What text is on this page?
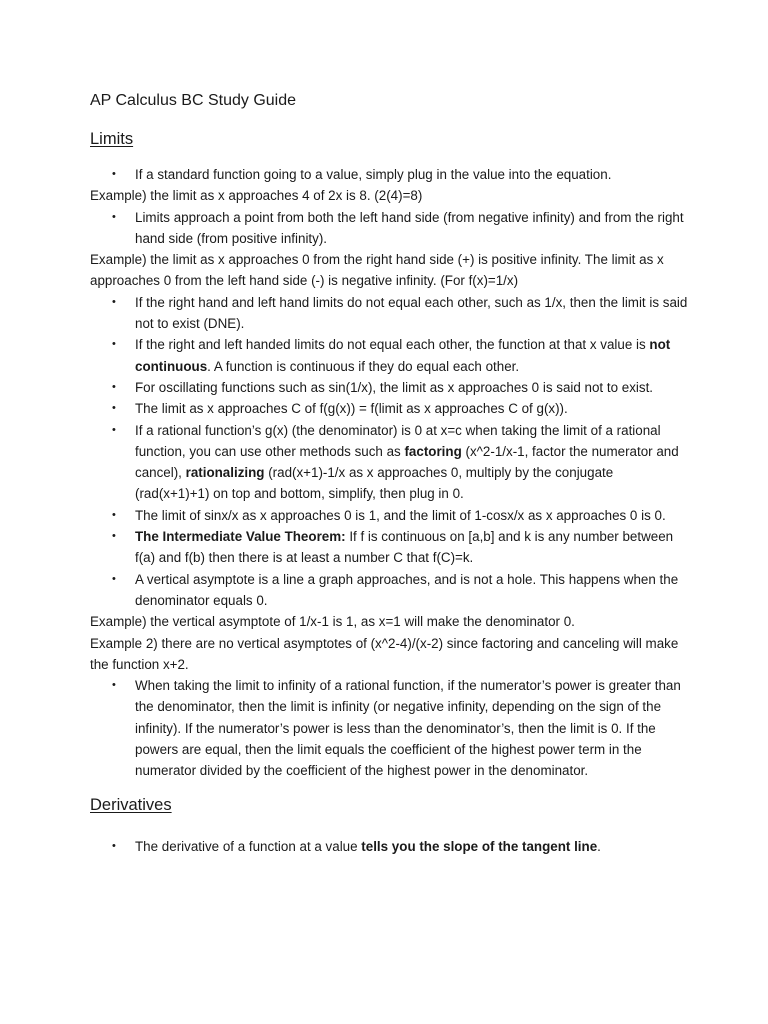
AP Calculus BC Study Guide
Limits
• If a standard function going to a value, simply plug in the value into the equation.
Example) the limit as x approaches 4 of 2x is 8. (2(4)=8)
• Limits approach a point from both the left hand side (from negative infinity) and from the right hand side (from positive infinity).
Example) the limit as x approaches 0 from the right hand side (+) is positive infinity. The limit as x approaches 0 from the left hand side (-) is negative infinity. (For f(x)=1/x)
• If the right hand and left hand limits do not equal each other, such as 1/x, then the limit is said not to exist (DNE).
• If the right and left handed limits do not equal each other, the function at that x value is not continuous. A function is continuous if they do equal each other.
• For oscillating functions such as sin(1/x), the limit as x approaches 0 is said not to exist.
• The limit as x approaches C of f(g(x)) = f(limit as x approaches C of g(x)).
• If a rational function’s g(x) (the denominator) is 0 at x=c when taking the limit of a rational function, you can use other methods such as factoring (x^2-1/x-1, factor the numerator and cancel), rationalizing (rad(x+1)-1/x as x approaches 0, multiply by the conjugate (rad(x+1)+1) on top and bottom, simplify, then plug in 0.
• The limit of sinx/x as x approaches 0 is 1, and the limit of 1-cosx/x as x approaches 0 is 0.
• The Intermediate Value Theorem: If f is continuous on [a,b] and k is any number between f(a) and f(b) then there is at least a number C that f(C)=k.
• A vertical asymptote is a line a graph approaches, and is not a hole. This happens when the denominator equals 0.
Example) the vertical asymptote of 1/x-1 is 1, as x=1 will make the denominator 0.
Example 2) there are no vertical asymptotes of (x^2-4)/(x-2) since factoring and canceling will make the function x+2.
• When taking the limit to infinity of a rational function, if the numerator’s power is greater than the denominator, then the limit is infinity (or negative infinity, depending on the sign of the infinity). If the numerator’s power is less than the denominator’s, then the limit is 0. If the powers are equal, then the limit equals the coefficient of the highest power term in the numerator divided by the coefficient of the highest power in the denominator.
Derivatives
• The derivative of a function at a value tells you the slope of the tangent line.
